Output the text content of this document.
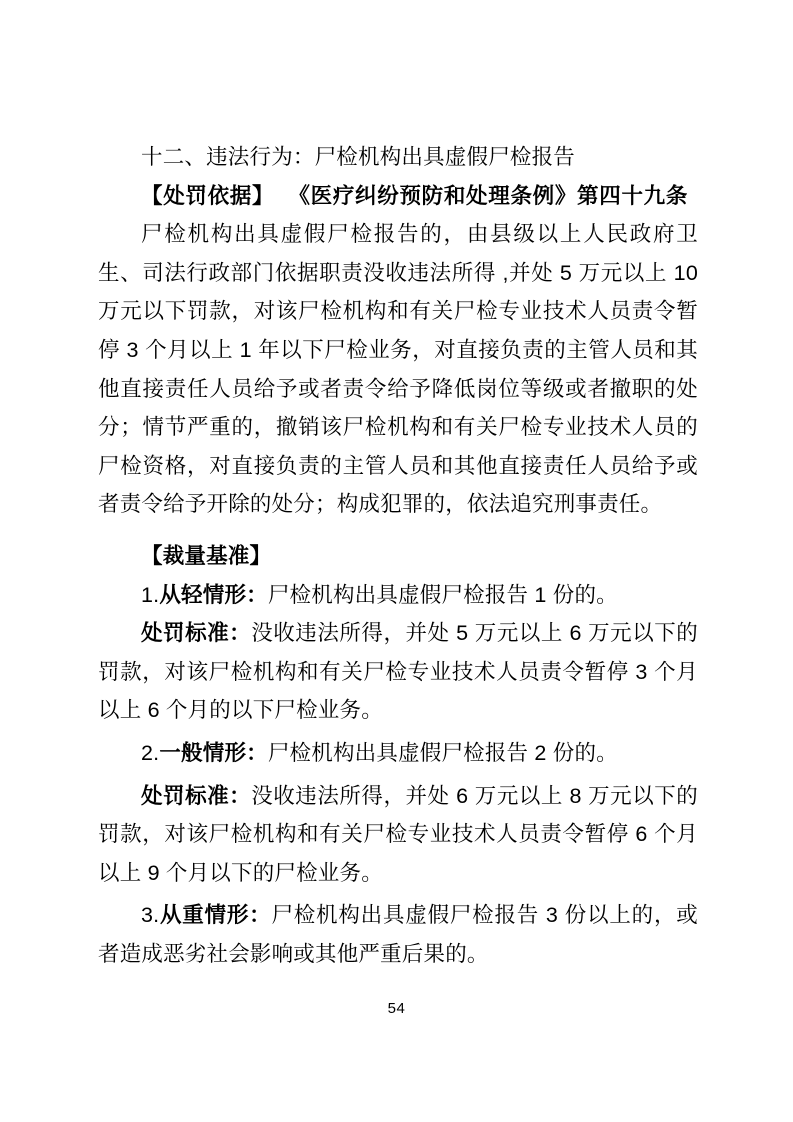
十二、违法行为：尸检机构出具虚假尸检报告

【处罚依据】 《医疗纠纷预防和处理条例》第四十九条

尸检机构出具虚假尸检报告的，由县级以上人民政府卫生、司法行政部门依据职责没收违法所得 ,并处 5 万元以上 10 万元以下罚款，对该尸检机构和有关尸检专业技术人员责令暂停 3 个月以上 1 年以下尸检业务，对直接负责的主管人员和其他直接责任人员给予或者责令给予降低岗位等级或者撤职的处分；情节严重的，撤销该尸检机构和有关尸检专业技术人员的尸检资格，对直接负责的主管人员和其他直接责任人员给予或者责令给予开除的处分；构成犯罪的，依法追究刑事责任。

【裁量基准】

1.从轻情形：尸检机构出具虚假尸检报告 1 份的。

处罚标准：没收违法所得，并处 5 万元以上 6 万元以下的罚款，对该尸检机构和有关尸检专业技术人员责令暂停 3 个月以上 6 个月的以下尸检业务。

2.一般情形：尸检机构出具虚假尸检报告 2 份的。

处罚标准：没收违法所得，并处 6 万元以上 8 万元以下的罚款，对该尸检机构和有关尸检专业技术人员责令暂停 6 个月以上 9 个月以下的尸检业务。

3.从重情形：尸检机构出具虚假尸检报告 3 份以上的，或者造成恶劣社会影响或其他严重后果的。

54
